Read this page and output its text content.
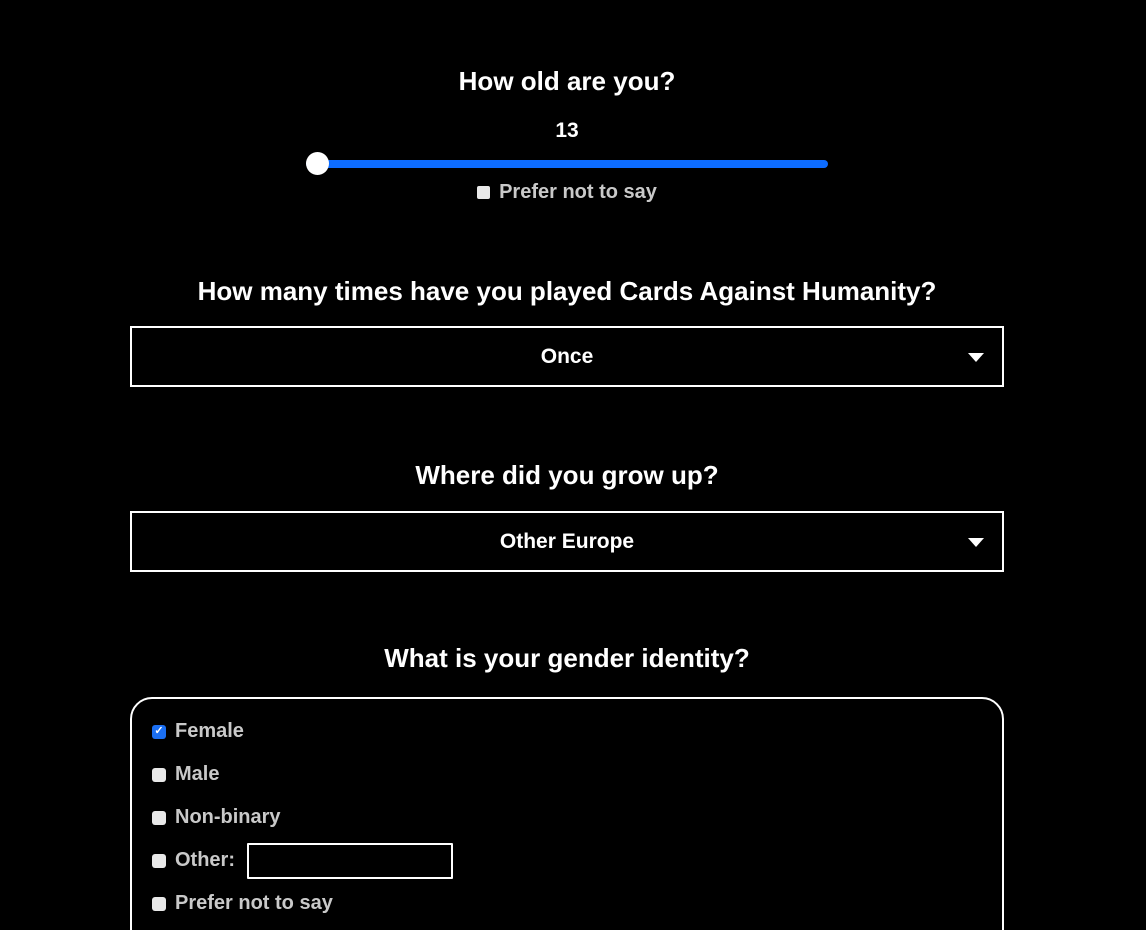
How old are you?
13
Prefer not to say
How many times have you played Cards Against Humanity?
Once
Where did you grow up?
Other Europe
What is your gender identity?
✓ Female
Male
Non-binary
Other:
Prefer not to say
